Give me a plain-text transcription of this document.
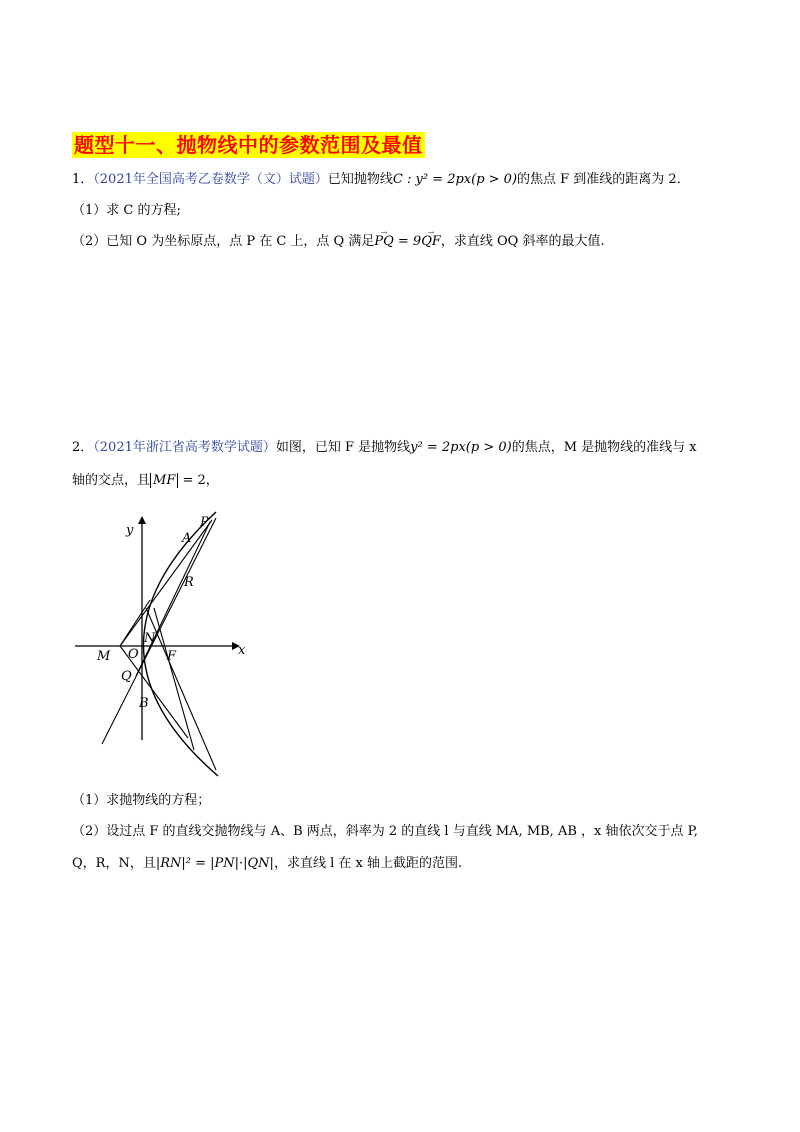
题型十一、抛物线中的参数范围及最值
1．（2021年全国高考乙卷数学（文）试题）已知抛物线C : y² = 2px(p > 0)的焦点 F 到准线的距离为 2．
（1）求 C 的方程;
（2）已知 O 为坐标原点，点 P 在 C 上，点 Q 满足→ PQ = 9→ QF，求直线 OQ 斜率的最大值.
2．（2021年浙江省高考数学试题）如图，已知 F 是抛物线y² = 2px(p > 0)的焦点，M 是抛物线的准线与 x
轴的交点，且 MF = 2，
y
x
P
A
R
N
M O F
Q
B
（1）求抛物线的方程；
（2）设过点 F 的直线交抛物线与 A、B 两点，斜率为 2 的直线 l 与直线 MA, MB, AB ，x 轴依次交于点 P,
Q，R，N，且|RN|² = |PN|·|QN|，求直线 l 在 x 轴上截距的范围.
